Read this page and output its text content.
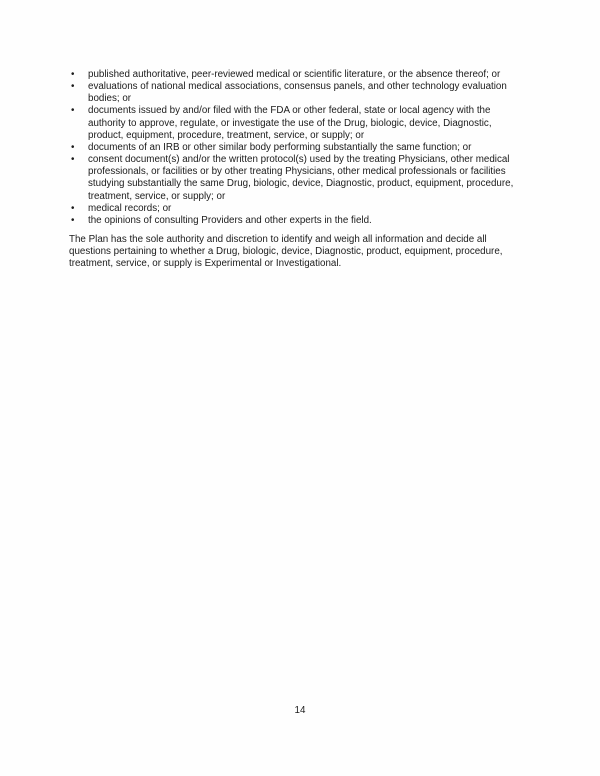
•	published authoritative, peer-reviewed medical or scientific literature, or the absence thereof; or
•	evaluations of national medical associations, consensus panels, and other technology evaluation bodies; or
•	documents issued by and/or filed with the FDA or other federal, state or local agency with the authority to approve, regulate, or investigate the use of the Drug, biologic, device, Diagnostic, product, equipment, procedure, treatment, service, or supply; or
•	documents of an IRB or other similar body performing substantially the same function; or
•	consent document(s) and/or the written protocol(s) used by the treating Physicians, other medical professionals, or facilities or by other treating Physicians, other medical professionals or facilities studying substantially the same Drug, biologic, device, Diagnostic, product, equipment, procedure, treatment, service, or supply; or
•	medical records; or
•	the opinions of consulting Providers and other experts in the field.

The Plan has the sole authority and discretion to identify and weigh all information and decide all questions pertaining to whether a Drug, biologic, device, Diagnostic, product, equipment, procedure, treatment, service, or supply is Experimental or Investigational.

14
